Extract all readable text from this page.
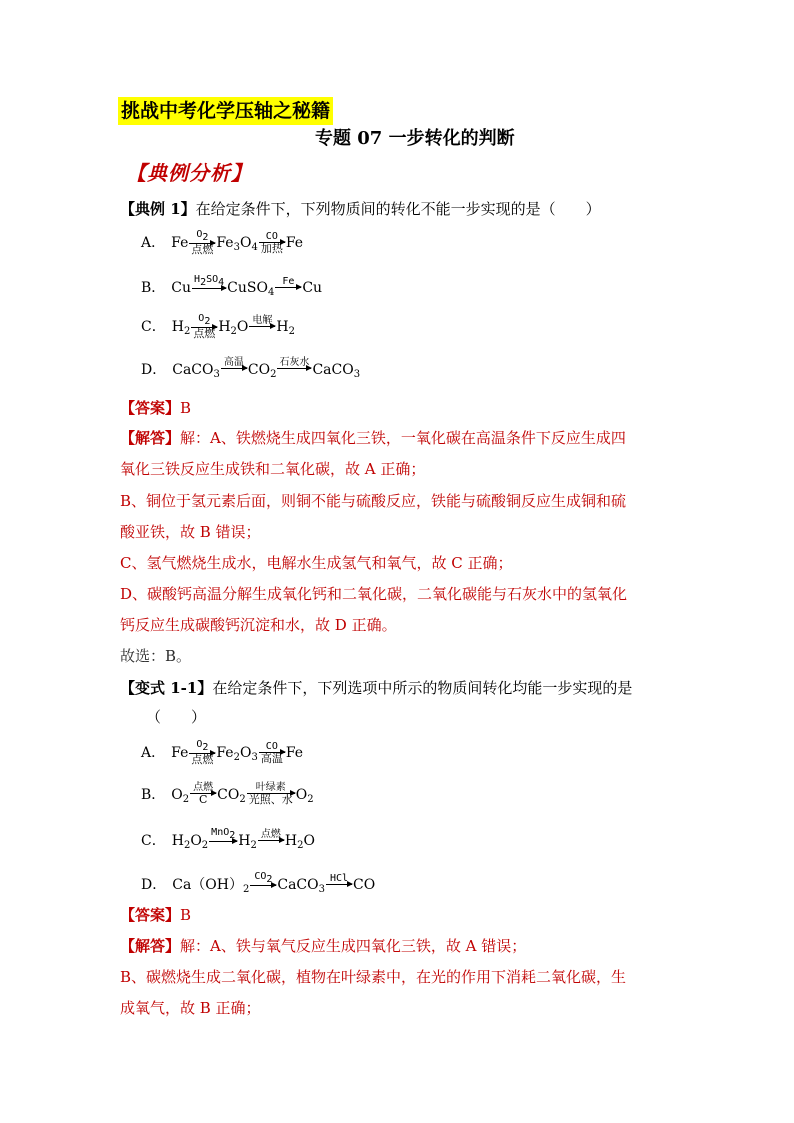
挑战中考化学压轴之秘籍
专题 07 一步转化的判断
【典例分析】
【典例 1】在给定条件下，下列物质间的转化不能一步实现的是（　　）
A． Fe
$O_2$
点燃 $Fe_3O_4$
CO
加热 Fe
B． Cu
$H_2SO_4$
CuSO$_4$
Fe
Cu
C． $H_2$
$O_2$
点燃 $H_2O$ 电解
$H_2$
D． CaCO$_3$
高温
$CO_2$
石灰水
CaCO$_3$
【答案】B
【解答】解：A、铁燃烧生成四氧化三铁，一氧化碳在高温条件下反应生成四
氧化三铁反应生成铁和二氧化碳，故 A 正确；
B、铜位于氢元素后面，则铜不能与硫酸反应，铁能与硫酸铜反应生成铜和硫
酸亚铁，故 B 错误；
C、氢气燃烧生成水，电解水生成氢气和氧气，故 C 正确；
D、碳酸钙高温分解生成氧化钙和二氧化碳，二氧化碳能与石灰水中的氢氧化
钙反应生成碳酸钙沉淀和水，故 D 正确。
故选：B。
【变式 1-1】在给定条件下，下列选项中所示的物质间转化均能一步实现的是
（　　）
A． Fe
$O_2$
点燃 $Fe_2O_3$
CO
高温 Fe
B． $O_2$
点燃
C $CO_2$
叶绿素
光照、水 $O_2$
C． $H_2O_2$
MnO$_2$
$H_2$
点燃
$H_2O$
D． $Ca(OH)_2$
$CO_2$
CaCO$_3$
HCl
CO
【答案】B
【解答】解：A、铁与氧气反应生成四氧化三铁，故 A 错误；
B、碳燃烧生成二氧化碳，植物在叶绿素中，在光的作用下消耗二氧化碳，生
成氧气，故 B 正确；
